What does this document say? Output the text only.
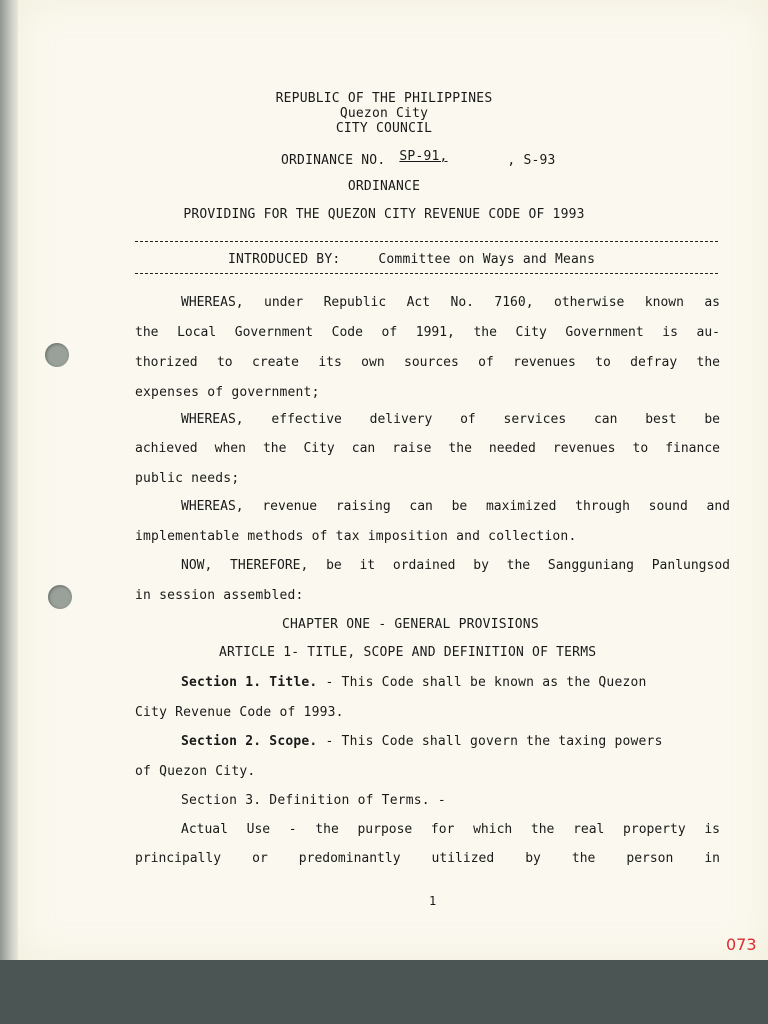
REPUBLIC OF THE PHILIPPINES
Quezon City
CITY COUNCIL
ORDINANCE NO. SP-91,	, S-93
ORDINANCE
PROVIDING FOR THE QUEZON CITY REVENUE CODE OF 1993
INTRODUCED BY:	Committee on Ways and Means
WHEREAS, under Republic Act No. 7160, otherwise known as
the Local Government Code of 1991, the City Government is au-
thorized to create its own sources of revenues to defray the
expenses of government;
WHEREAS, effective delivery of services can best be
achieved when the City can raise the needed revenues to finance
public needs;
WHEREAS, revenue raising can be maximized through sound and
implementable methods of tax imposition and collection.
NOW, THEREFORE, be it ordained by the Sangguniang Panlungsod
in session assembled:
CHAPTER ONE - GENERAL PROVISIONS
ARTICLE 1- TITLE, SCOPE AND DEFINITION OF TERMS
Section 1. Title. - This Code shall be known as the Quezon
City Revenue Code of 1993.
Section 2. Scope. - This Code shall govern the taxing powers
of Quezon City.
Section 3. Definition of Terms. -
Actual Use - the purpose for which the real property is
principally or predominantly utilized by the person in
1
073
